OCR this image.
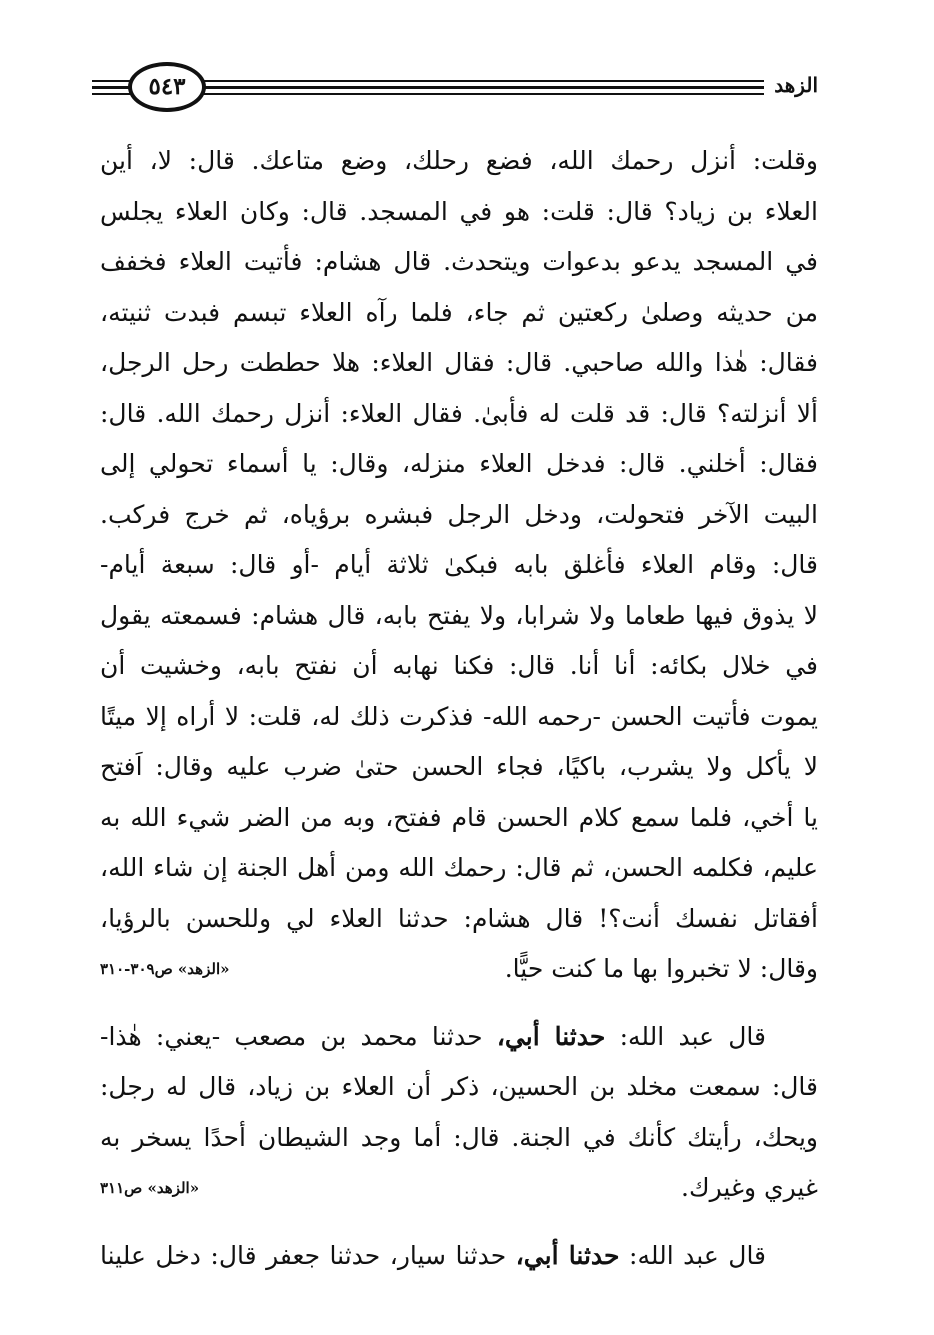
٥٤٣	الزهد
وقلت: أنزل رحمك الله، فضع رحلك، وضع متاعك. قال: لا، أين
العلاء بن زياد؟ قال: قلت: هو في المسجد. قال: وكان العلاء يجلس
في المسجد يدعو بدعوات ويتحدث. قال هشام: فأتيت العلاء فخفف
من حديثه وصلىٰ ركعتين ثم جاء، فلما رآه العلاء تبسم فبدت ثنيته،
فقال: هٰذا والله صاحبي. قال: فقال العلاء: هلا حططت رحل الرجل،
ألا أنزلته؟ قال: قد قلت له فأبىٰ. فقال العلاء: أنزل رحمك الله. قال:
فقال: أخلني. قال: فدخل العلاء منزله، وقال: يا أسماء تحولي إلى
البيت الآخر فتحولت، ودخل الرجل فبشره برؤياه، ثم خرج فركب.
قال: وقام العلاء فأغلق بابه فبكىٰ ثلاثة أيام -أو قال: سبعة أيام-
لا يذوق فيها طعاما ولا شرابا، ولا يفتح بابه، قال هشام: فسمعته يقول
في خلال بكائه: أنا أنا. قال: فكنا نهابه أن نفتح بابه، وخشيت أن
يموت فأتيت الحسن -رحمه الله- فذكرت ذلك له، قلت: لا أراه إلا ميتًا
لا يأكل ولا يشرب، باكيًا، فجاء الحسن حتىٰ ضرب عليه وقال: اَفتح
يا أخي، فلما سمع كلام الحسن قام ففتح، وبه من الضر شيء الله به
عليم، فكلمه الحسن، ثم قال: رحمك الله ومن أهل الجنة إن شاء الله،
أفقاتل نفسك أنت؟! قال هشام: حدثنا العلاء لي وللحسن بالرؤيا،
وقال: لا تخبروا بها ما كنت حيًّا.
«الزهد» ص٣٠٩-٣١٠
قال عبد الله: حدثنا أبي، حدثنا محمد بن مصعب -يعني: هٰذا-
قال: سمعت مخلد بن الحسين، ذكر أن العلاء بن زياد، قال له رجل:
ويحك، رأيتك كأنك في الجنة. قال: أما وجد الشيطان أحدًا يسخر به
غيري وغيرك.
«الزهد» ص٣١١
قال عبد الله: حدثنا أبي، حدثنا سيار، حدثنا جعفر قال: دخل علينا
